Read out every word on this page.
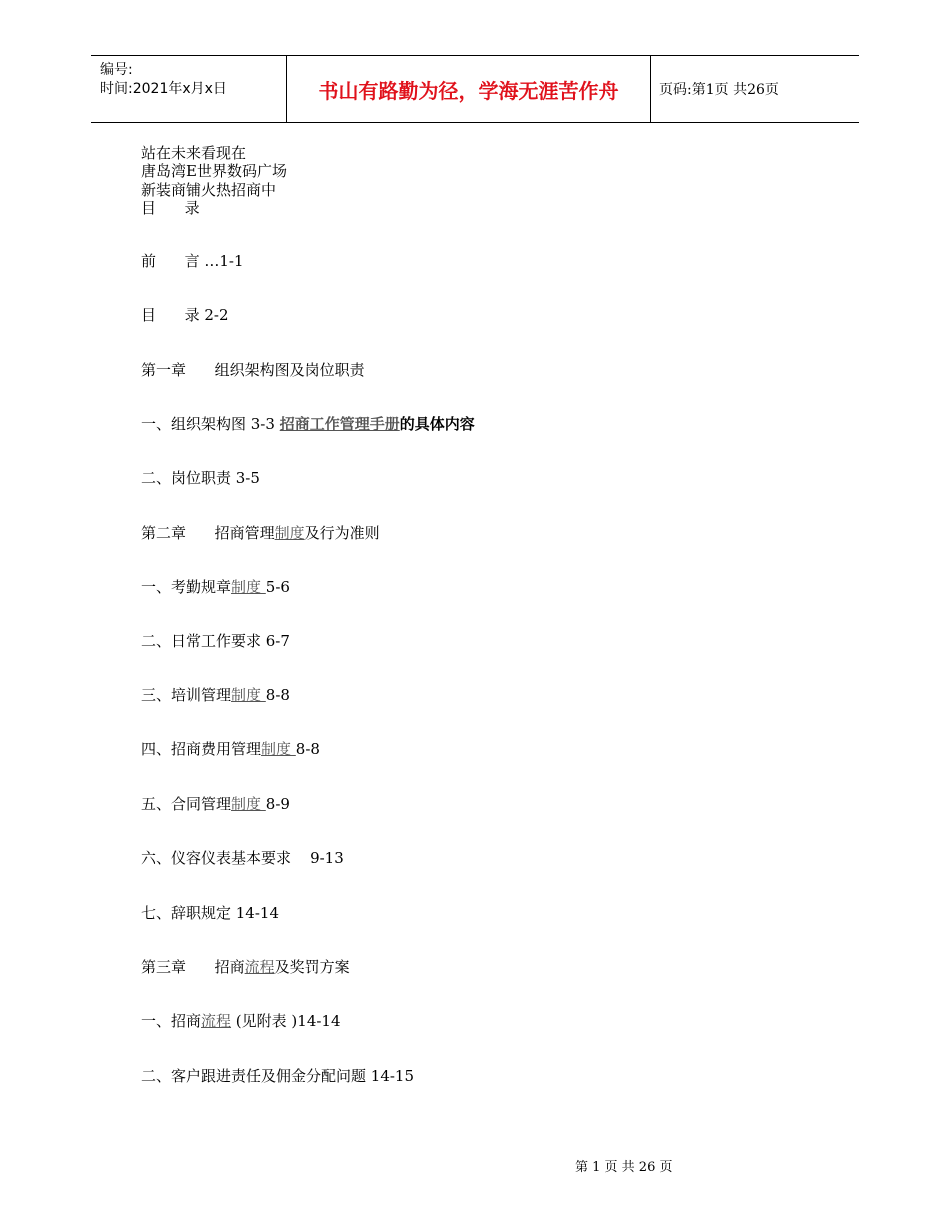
编号:
时间:2021年x月x日	书山有路勤为径，学海无涯苦作舟	页码:第1页 共26页
站在未来看现在
唐岛湾E世界数码广场
新装商铺火热招商中
目      录
前      言 …1-1
目      录 2-2
第一章      组织架构图及岗位职责
一、组织架构图 3-3 招商工作管理手册的具体内容
二、岗位职责 3-5
第二章      招商管理制度及行为准则
一、考勤规章制度 5-6
二、日常工作要求 6-7
三、培训管理制度 8-8
四、招商费用管理制度 8-8
五、合同管理制度 8-9
六、仪容仪表基本要求    9-13
七、辞职规定 14-14
第三章      招商流程及奖罚方案
一、招商流程 (见附表 )14-14
二、客户跟进责任及佣金分配问题 14-15
第 1 页 共 26 页
